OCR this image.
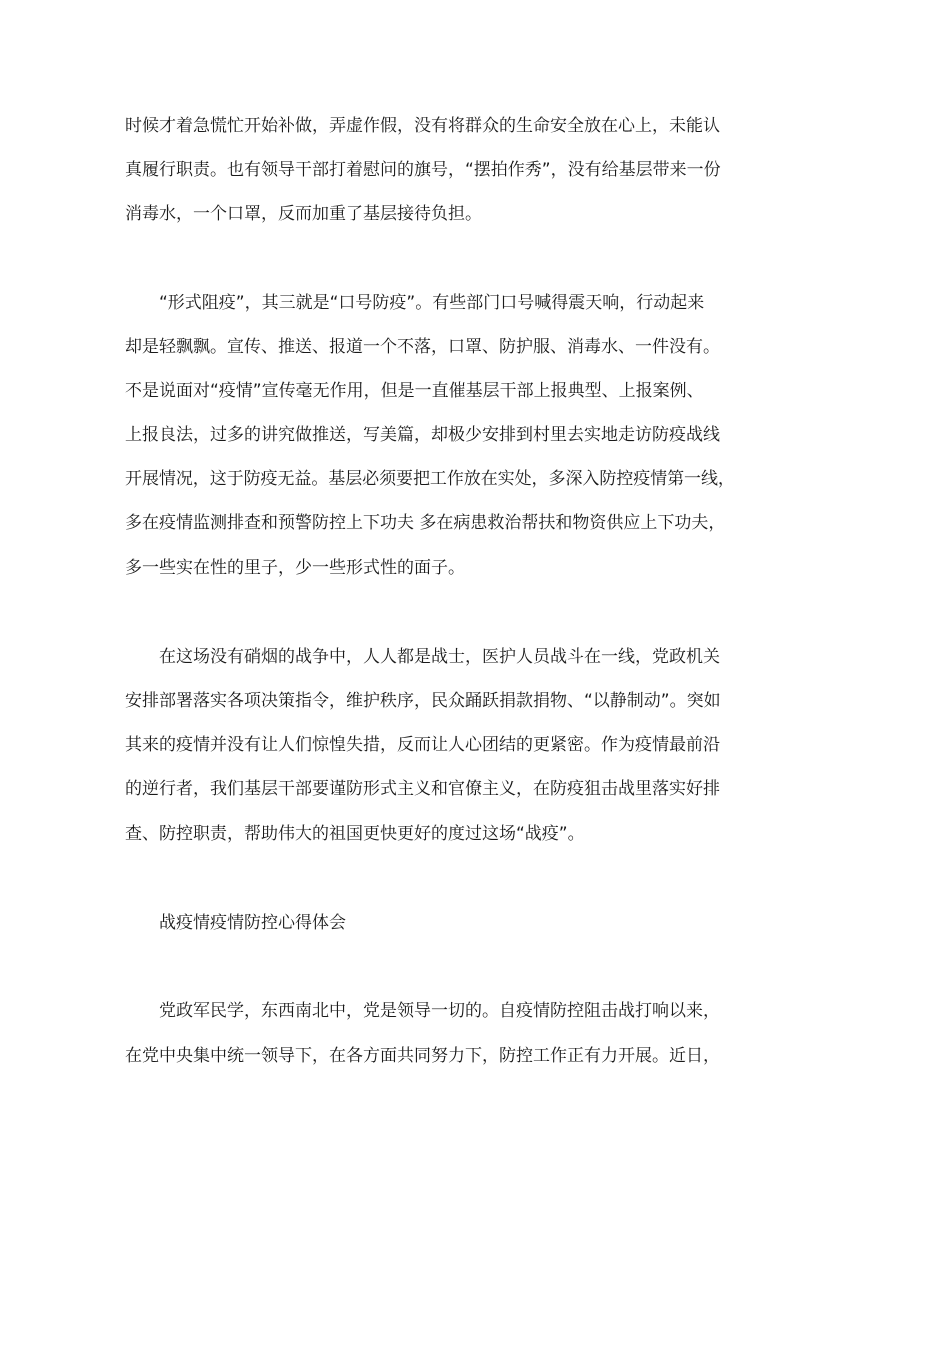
时候才着急慌忙开始补做，弄虚作假，没有将群众的生命安全放在心上，未能认
真履行职责。也有领导干部打着慰问的旗号，“摆拍作秀”，没有给基层带来一份
消毒水，一个口罩，反而加重了基层接待负担。
“形式阻疫”，其三就是“口号防疫”。有些部门口号喊得震天响，行动起来
却是轻飘飘。宣传、推送、报道一个不落，口罩、防护服、消毒水、一件没有。
不是说面对“疫情”宣传毫无作用，但是一直催基层干部上报典型、上报案例、
上报良法，过多的讲究做推送，写美篇，却极少安排到村里去实地走访防疫战线
开展情况，这于防疫无益。基层必须要把工作放在实处，多深入防控疫情第一线，
多在疫情监测排查和预警防控上下功夫 多在病患救治帮扶和物资供应上下功夫，
多一些实在性的里子，少一些形式性的面子。
在这场没有硝烟的战争中，人人都是战士，医护人员战斗在一线，党政机关
安排部署落实各项决策指令，维护秩序，民众踊跃捐款捐物、“以静制动”。突如
其来的疫情并没有让人们惊惶失措，反而让人心团结的更紧密。作为疫情最前沿
的逆行者，我们基层干部要谨防形式主义和官僚主义，在防疫狙击战里落实好排
查、防控职责，帮助伟大的祖国更快更好的度过这场“战疫”。
战疫情疫情防控心得体会
党政军民学，东西南北中，党是领导一切的。自疫情防控阻击战打响以来，
在党中央集中统一领导下，在各方面共同努力下，防控工作正有力开展。近日，
